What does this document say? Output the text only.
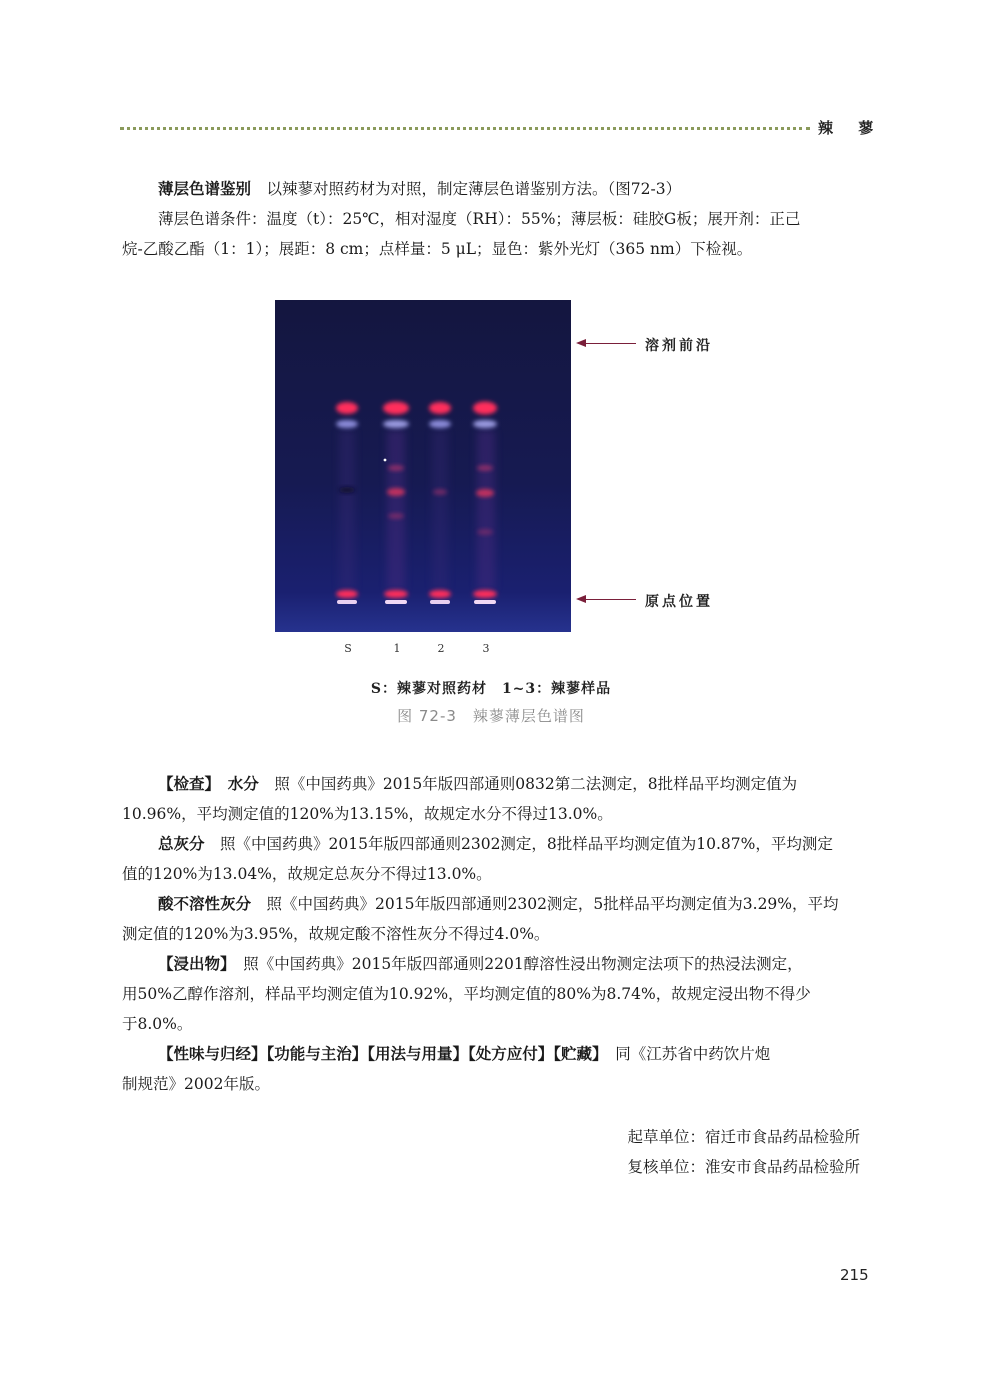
辣 蓼
薄层色谱鉴别　 以辣蓼对照药材为对照，制定薄层色谱鉴别方法。（图72-3）
薄层色谱条件：温度（t）：25℃，相对湿度（RH）：55%；薄层板：硅胶G板；展开剂：正己
烷-乙酸乙酯（1：1）；展距：8 cm；点样量：5 μL；显色：紫外光灯（365 nm）下检视。
溶剂前沿
原点位置
S	1	2	3
S：辣蓼对照药材　1~3：辣蓼样品
图 72-3　辣蓼薄层色谱图
【检查】　 水分　 照《中国药典》2015年版四部通则0832第二法测定，8批样品平均测定值为
10.96%，平均测定值的120%为13.15%，故规定水分不得过13.0%。
总灰分　 照《中国药典》2015年版四部通则2302测定，8批样品平均测定值为10.87%，平均测定
值的120%为13.04%，故规定总灰分不得过13.0%。
酸不溶性灰分　 照《中国药典》2015年版四部通则2302测定，5批样品平均测定值为3.29%，平均
测定值的120%为3.95%，故规定酸不溶性灰分不得过4.0%。
【浸出物】　 照《中国药典》2015年版四部通则2201醇溶性浸出物测定法项下的热浸法测定，
用50%乙醇作溶剂，样品平均测定值为10.92%，平均测定值的80%为8.74%，故规定浸出物不得少
于8.0%。
【性味与归经】【功能与主治】【用法与用量】【处方应付】【贮藏】　 同《江苏省中药饮片炮
制规范》2002年版。
起草单位：宿迁市食品药品检验所
复核单位：淮安市食品药品检验所
215
